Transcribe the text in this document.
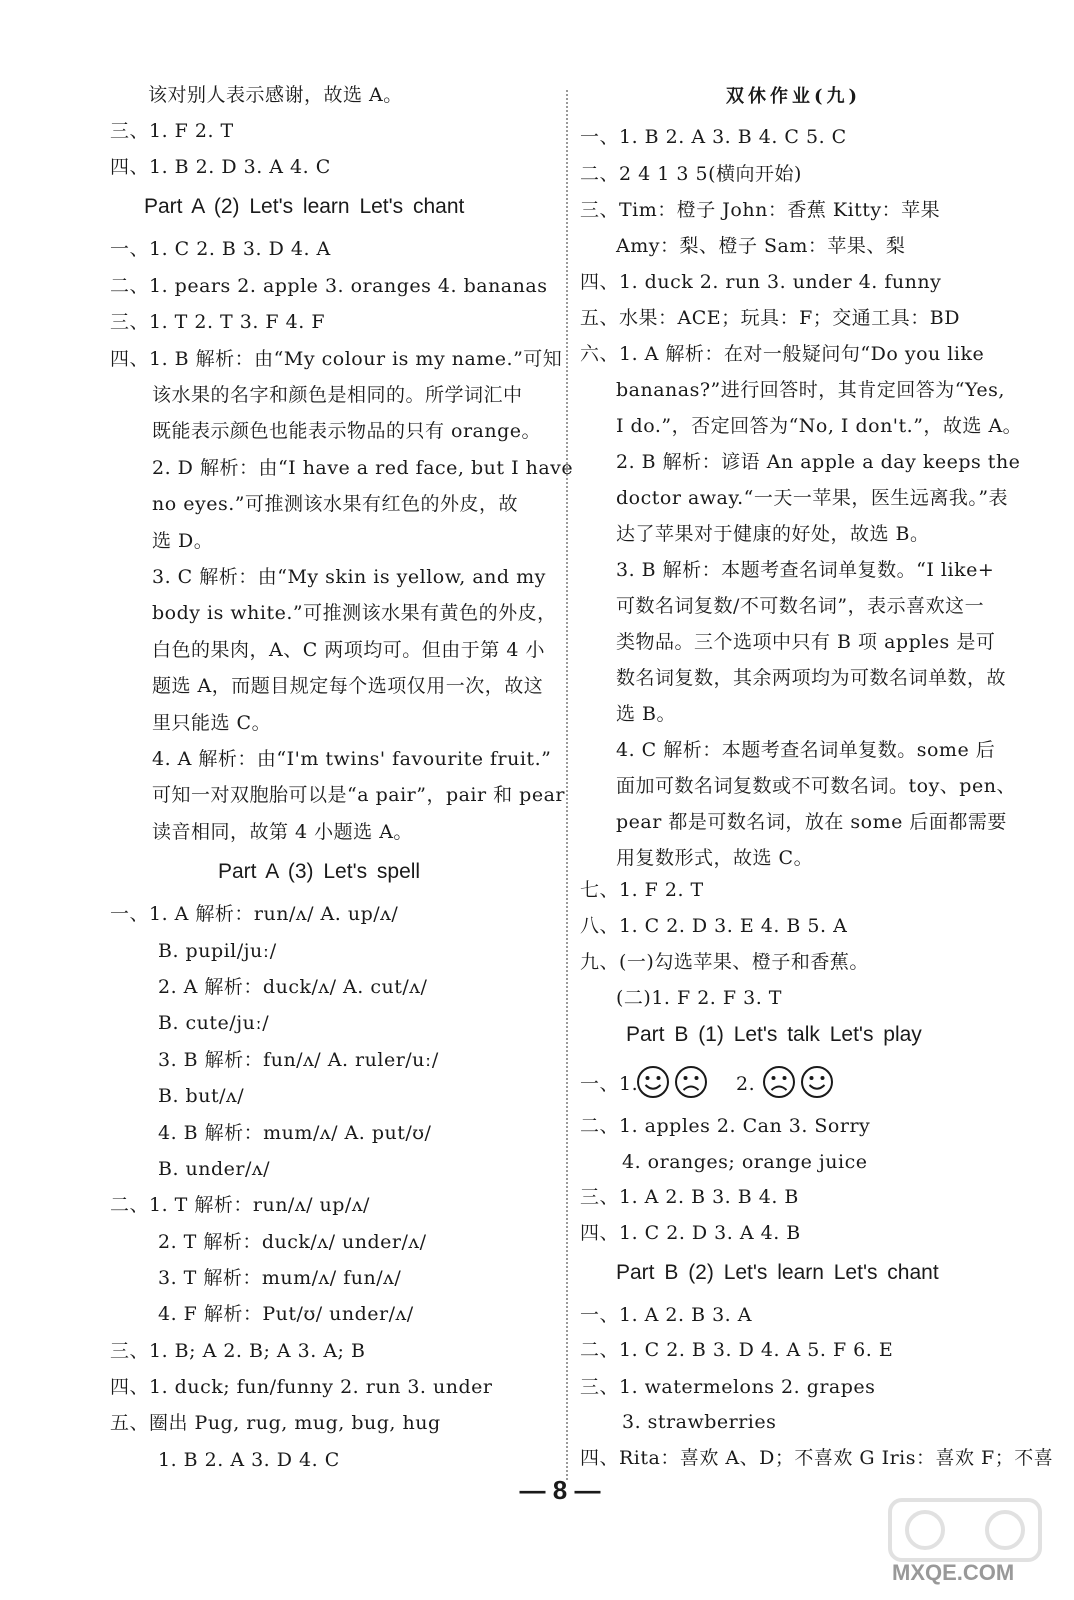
该对别人表示感谢，故选 A。
三、1. F 2. T
四、1. B 2. D 3. A 4. C
Part A (2) Let's learn Let's chant
一、1. C 2. B 3. D 4. A
二、1. pears 2. apple 3. oranges 4. bananas
三、1. T 2. T 3. F 4. F
四、1. B 解析：由“My colour is my name.”可知
该水果的名字和颜色是相同的。所学词汇中
既能表示颜色也能表示物品的只有 orange。
2. D 解析：由“I have a red face, but I have
no eyes.”可推测该水果有红色的外皮，故
选 D。
3. C 解析：由“My skin is yellow, and my
body is white.”可推测该水果有黄色的外皮，
白色的果肉，A、C 两项均可。但由于第 4 小
题选 A，而题目规定每个选项仅用一次，故这
里只能选 C。
4. A 解析：由“I'm twins' favourite fruit.”
可知一对双胞胎可以是“a pair”，pair 和 pear
读音相同，故第 4 小题选 A。
Part A (3) Let's spell
一、1. A 解析：run/ʌ/ A. up/ʌ/
B. pupil/juː/
2. A 解析：duck/ʌ/ A. cut/ʌ/
B. cute/juː/
3. B 解析：fun/ʌ/ A. ruler/uː/
B. but/ʌ/
4. B 解析：mum/ʌ/ A. put/ʊ/
B. under/ʌ/
二、1. T 解析：run/ʌ/ up/ʌ/
2. T 解析：duck/ʌ/ under/ʌ/
3. T 解析：mum/ʌ/ fun/ʌ/
4. F 解析：Put/ʊ/ under/ʌ/
三、1. B; A 2. B; A 3. A; B
四、1. duck; fun/funny 2. run 3. under
五、圈出 Pug, rug, mug, bug, hug
1. B 2. A 3. D 4. C
双休作业(九)
一、1. B 2. A 3. B 4. C 5. C
二、2 4 1 3 5(横向开始)
三、Tim：橙子 John：香蕉 Kitty：苹果
Amy：梨、橙子 Sam：苹果、梨
四、1. duck 2. run 3. under 4. funny
五、水果：ACE；玩具：F；交通工具：BD
六、1. A 解析：在对一般疑问句“Do you like
bananas?”进行回答时，其肯定回答为“Yes,
I do.”，否定回答为“No, I don't.”，故选 A。
2. B 解析：谚语 An apple a day keeps the
doctor away.“一天一苹果，医生远离我。”表
达了苹果对于健康的好处，故选 B。
3. B 解析：本题考查名词单复数。“I like+
可数名词复数/不可数名词”，表示喜欢这一
类物品。三个选项中只有 B 项 apples 是可
数名词复数，其余两项均为可数名词单数，故
选 B。
4. C 解析：本题考查名词单复数。some 后
面加可数名词复数或不可数名词。toy、pen、
pear 都是可数名词，放在 some 后面都需要
用复数形式，故选 C。
七、1. F 2. T
八、1. C 2. D 3. E 4. B 5. A
九、(一)勾选苹果、橙子和香蕉。
(二)1. F 2. F 3. T
Part B (1) Let's talk Let's play
一、1.	2.
二、1. apples 2. Can 3. Sorry
4. oranges; orange juice
三、1. A 2. B 3. B 4. B
四、1. C 2. D 3. A 4. B
Part B (2) Let's learn Let's chant
一、1. A 2. B 3. A
二、1. C 2. B 3. D 4. A 5. F 6. E
三、1. watermelons 2. grapes
3. strawberries
四、Rita：喜欢 A、D；不喜欢 G Iris：喜欢 F；不喜
— 8 —
MXQE.COM
